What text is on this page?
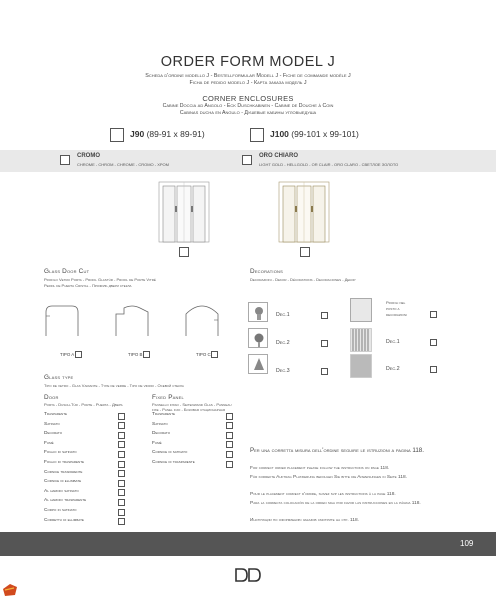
ORDER FORM MODEL J
Scheda d'ordine modello J - Bestellformular Modell J - Fiche de commande modèle J
Ficha de pedido modelo J - Карта заказа модель J
CORNER ENCLOSURES
Cabine Doccia ad Angolo - Eck Duschkabinen - Cabine de Douche à Coin
Cabinas ducha en Angulo - Душевые кабины угловыедуша
J90 (89-91 x 89-91)	J100 (99-101 x 99-101)
CROMO
CHROME - CHROM - CHROME - CROMO - XPOM
ORO CHIARO
LIGHT GOLD - HELLGOLD - OR CLAIR - ORO CLARO - СВЕТЛОЕ ЗОЛОТО
Glass Door Cut
Profilo Vetro Porta - Profil Glastür - Profil de Porte Vitré
Perfil de Puerta Cristal - Профиль двери стекла
TIPO A	TIPO B	TIPO C
Decorations
Decorazioni - Dekor - Décorations - Decoraciones - Декор
Dec.1
Dec.2
Dec.3
Profili nel
posto a
decorazioni
Dec.1
Dec.2
Glass type
Tipo de vetro - Glas Variante - Type de verre - Tipo de vidrio - Осевой стекла
Door
Porta - Dusch-Tür - Porte - Puerta - Дверь
Trasparente
Satinato
Decorato
Fumé
Foglio di satinato
Foglio di trasparente
Cornice trasparente
Cornice di ellimbate
Al hardfo satinato
Al hardfo trasparente
Corpo in satinato
Correttu di ellimbate
Fixed Panel
Pannello fisso - Seitenwand Glas - Panneau
fixe - Panel fijo - Боковая стационарная
Trasparente
Satinato
Decorato
Fumé
Cornice di satinato
Cornice di trasparente
Per una corretta misura dell'ordine seguire le istruzioni a pagina 118.
For correct order placement please follow the instructions on page 118.
Für korrekte Auftrag Platzierung befolgen Sie bitte die Anweisungen in Seite 118.
Pour le placement correct d'ordre, suivez svp les instructions à la page 118.
Para la correcta colocación de la orden siga por favor las instrucciones en la página 118.
Инструкции по оформлению заказов смотрите на стр. 118.
109
